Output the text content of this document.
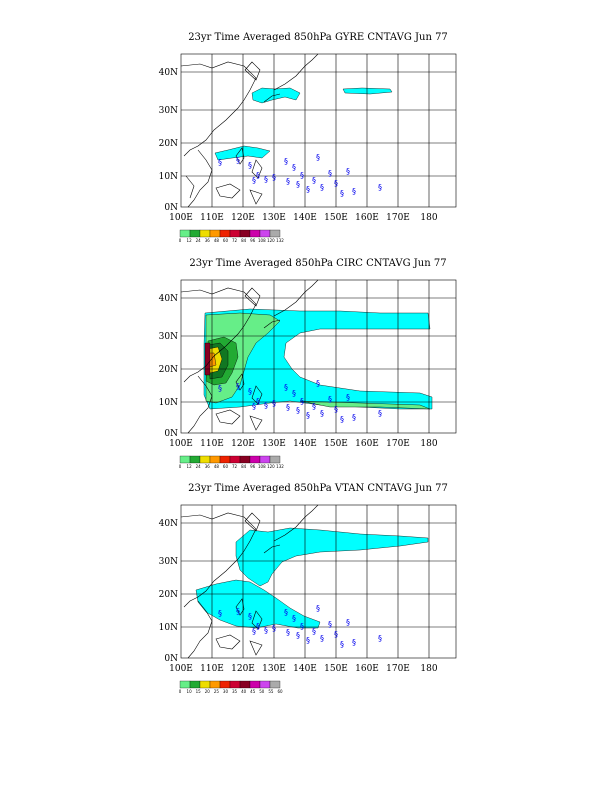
23yr Time Averaged 850hPa GYRE CNTAVG Jun 77
§ §
§
§ § §
§
§
§
§
§
§
§
§
§
§ §	§	§
§
§
§
40N
30N
20N
10N
0N
100E 110E 120E 130E 140E 150E 160E 170E 180
0 12 24 36 48 60 72 84 96 108 120 132
23yr Time Averaged 850hPa CIRC CNTAVG Jun 77
§ §
§
§ § §
§
§
§
§
§
§
§
§
§
§ §	§	§
§
§
§
40N
30N
20N
10N
0N
100E 110E 120E 130E 140E 150E 160E 170E 180
0 12 24 36 48 60 72 84 96 108 120 132
23yr Time Averaged 850hPa VTAN CNTAVG Jun 77
§ §
§
§ § §
§
§
§
§
§
§
§
§
§
§ §	§	§
§
§
§
40N
30N
20N
10N
0N
100E 110E 120E 130E 140E 150E 160E 170E 180
0 10 15 20 25 30 35 40 45 50 55 60
